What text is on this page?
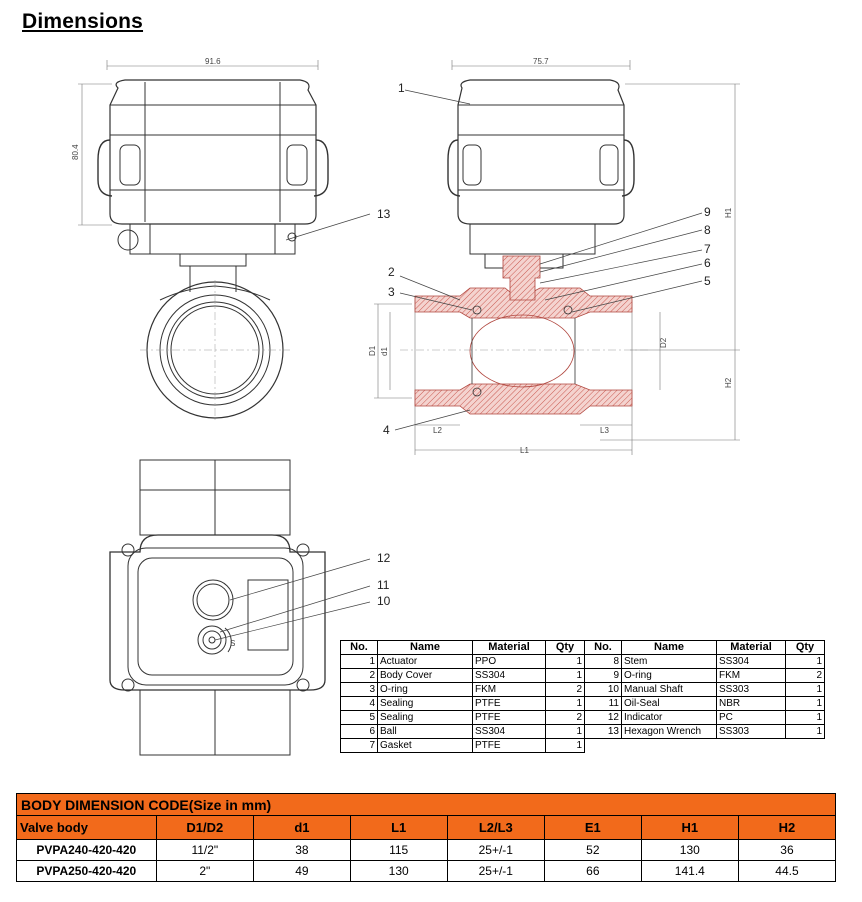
Dimensions
91.6
80.4
13
75.7
1
9
8
7
6
5
2
3
4
H1
H2
D1 d1
D2
L1
L2	L3
S
12
11
10
No.	Name	Material	Qty	No.	Name	Material	Qty
1	Actuator	PPO	1	8	Stem	SS304	1
2	Body Cover	SS304	1	9	O-ring	FKM	2
3	O-ring	FKM	2	10	Manual Shaft	SS303	1
4	Sealing	PTFE	1	11	Oil-Seal	NBR	1
5	Sealing	PTFE	2	12	Indicator	PC	1
6	Ball	SS304	1	13	Hexagon Wrench	SS303	1
7	Gasket	PTFE	1				
BODY DIMENSION CODE(Size in mm)							
Valve body	D1/D2	d1	L1	L2/L3	E1	H1	H2
PVPA240-420-420	11/2"	38	115	25+/-1	52	130	36
PVPA250-420-420	2"	49	130	25+/-1	66	141.4	44.5
